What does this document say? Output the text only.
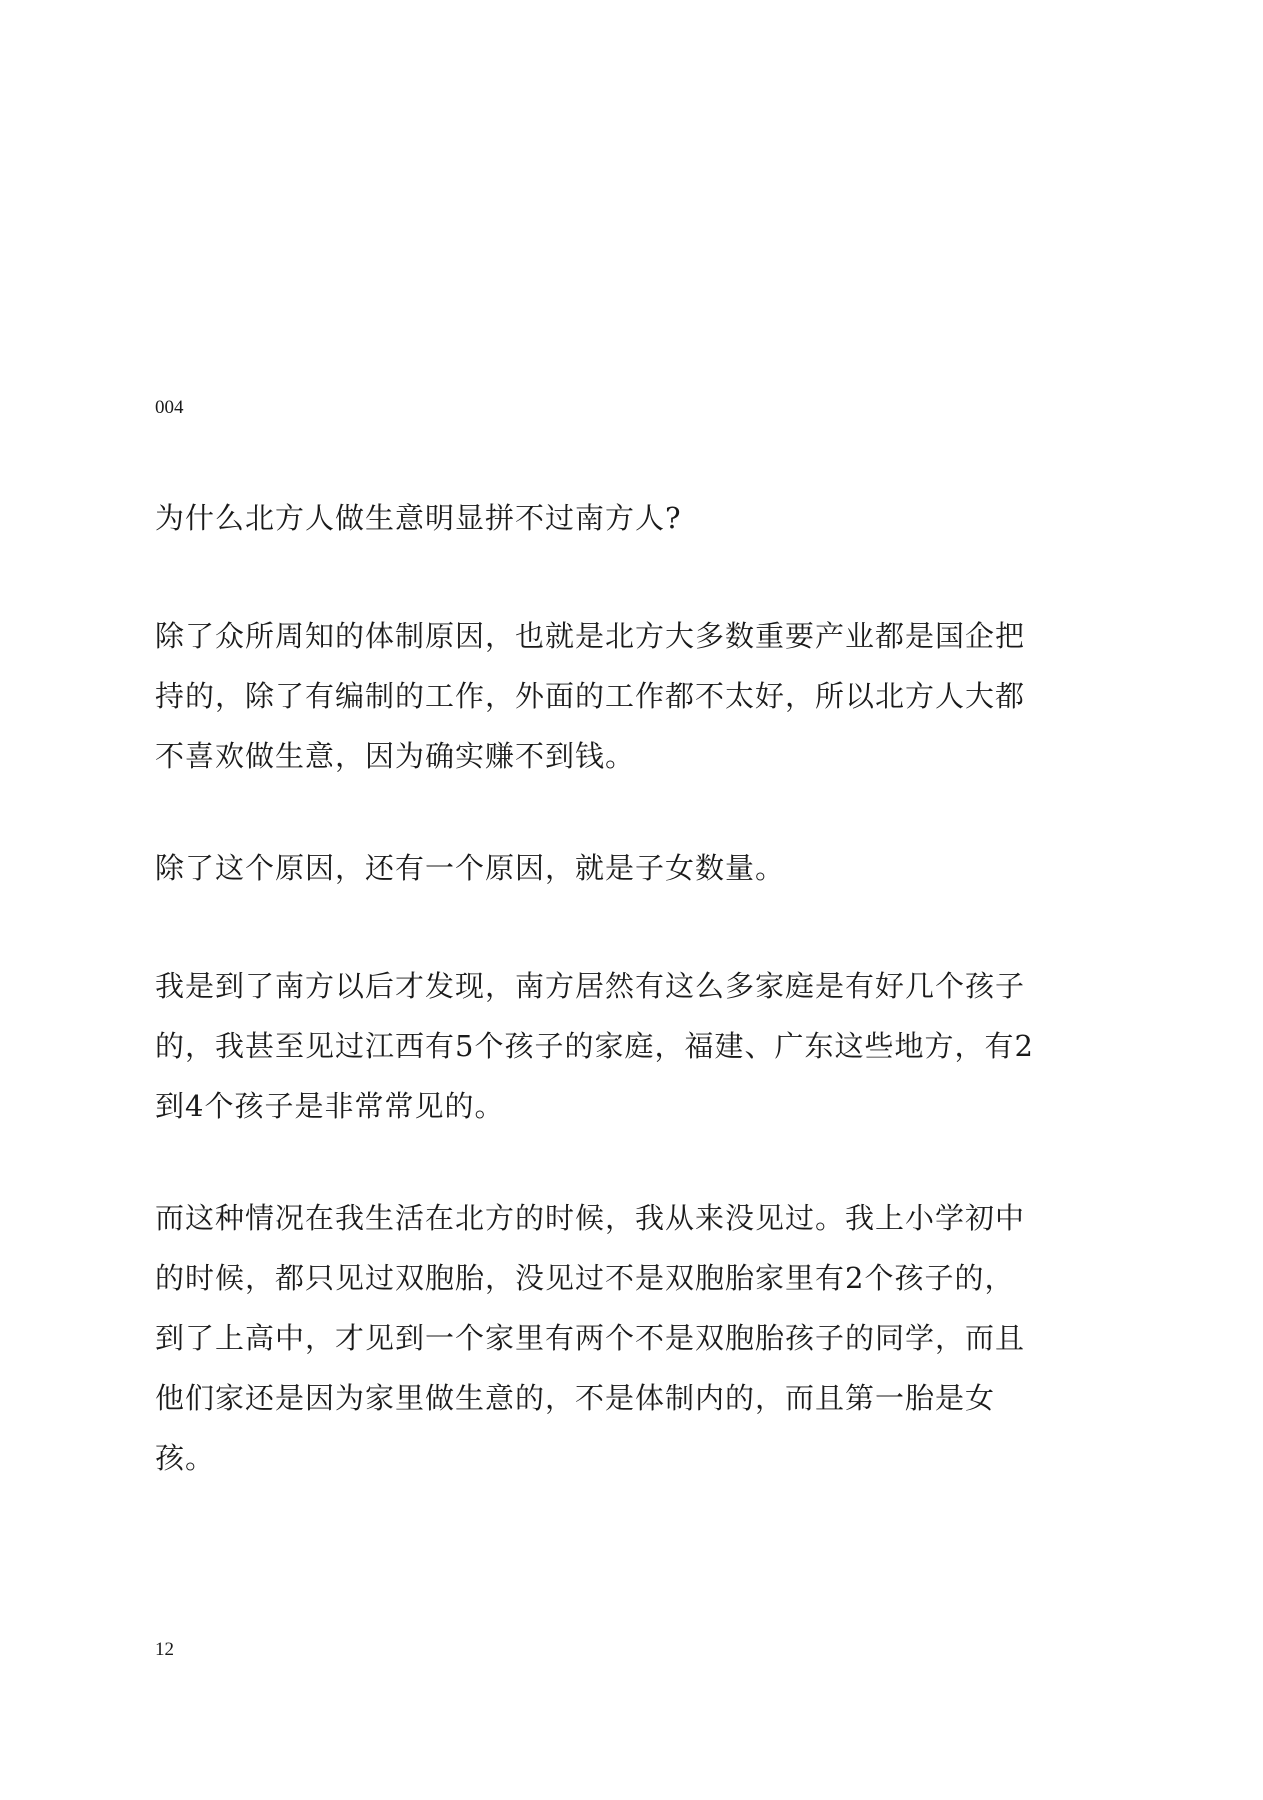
004

为什么北方人做生意明显拼不过南方人?

除了众所周知的体制原因，也就是北方大多数重要产业都是国企把持的，除了有编制的工作，外面的工作都不太好，所以北方人大都不喜欢做生意，因为确实赚不到钱。

除了这个原因，还有一个原因，就是子女数量。

我是到了南方以后才发现，南方居然有这么多家庭是有好几个孩子的，我甚至见过江西有5个孩子的家庭，福建、广东这些地方，有2到4个孩子是非常常见的。

而这种情况在我生活在北方的时候，我从来没见过。我上小学初中的时候，都只见过双胞胎，没见过不是双胞胎家里有2个孩子的，到了上高中，才见到一个家里有两个不是双胞胎孩子的同学，而且他们家还是因为家里做生意的，不是体制内的，而且第一胎是女孩。

12
